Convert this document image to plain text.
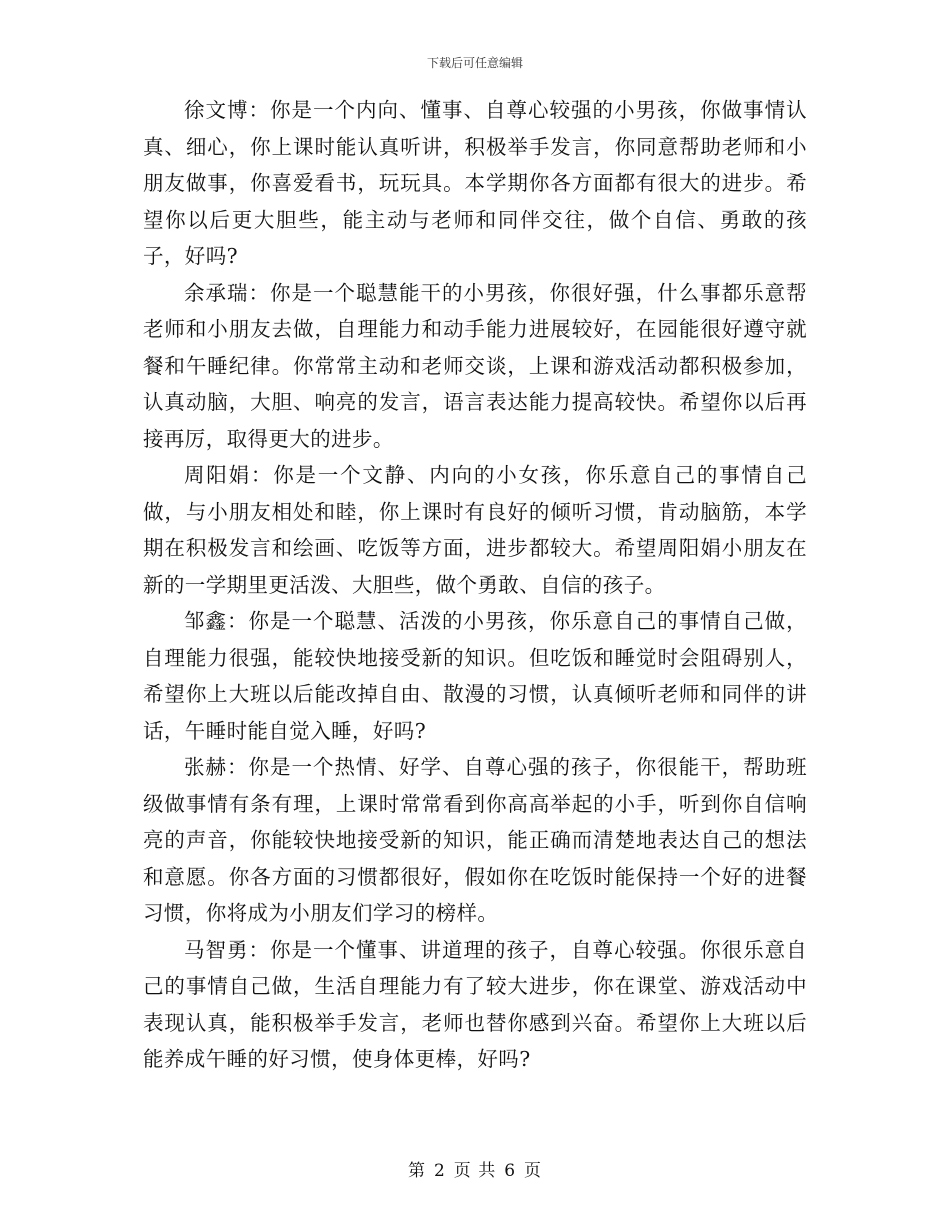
下载后可任意编辑

徐文博：你是一个内向、懂事、自尊心较强的小男孩，你做事情认真、细心，你上课时能认真听讲，积极举手发言，你同意帮助老师和小朋友做事，你喜爱看书，玩玩具。本学期你各方面都有很大的进步。希望你以后更大胆些，能主动与老师和同伴交往，做个自信、勇敢的孩子，好吗?

余承瑞：你是一个聪慧能干的小男孩，你很好强，什么事都乐意帮老师和小朋友去做，自理能力和动手能力进展较好，在园能很好遵守就餐和午睡纪律。你常常主动和老师交谈，上课和游戏活动都积极参加，认真动脑，大胆、响亮的发言，语言表达能力提高较快。希望你以后再接再厉，取得更大的进步。

周阳娟：你是一个文静、内向的小女孩，你乐意自己的事情自己做，与小朋友相处和睦，你上课时有良好的倾听习惯，肯动脑筋，本学期在积极发言和绘画、吃饭等方面，进步都较大。希望周阳娟小朋友在新的一学期里更活泼、大胆些，做个勇敢、自信的孩子。

邹鑫：你是一个聪慧、活泼的小男孩，你乐意自己的事情自己做，自理能力很强，能较快地接受新的知识。但吃饭和睡觉时会阻碍别人，希望你上大班以后能改掉自由、散漫的习惯，认真倾听老师和同伴的讲话，午睡时能自觉入睡，好吗?

张赫：你是一个热情、好学、自尊心强的孩子，你很能干，帮助班级做事情有条有理，上课时常常看到你高高举起的小手，听到你自信响亮的声音，你能较快地接受新的知识，能正确而清楚地表达自己的想法和意愿。你各方面的习惯都很好，假如你在吃饭时能保持一个好的进餐习惯，你将成为小朋友们学习的榜样。

马智勇：你是一个懂事、讲道理的孩子，自尊心较强。你很乐意自己的事情自己做，生活自理能力有了较大进步，你在课堂、游戏活动中表现认真，能积极举手发言，老师也替你感到兴奋。希望你上大班以后能养成午睡的好习惯，使身体更棒，好吗?

第 2 页 共 6 页
